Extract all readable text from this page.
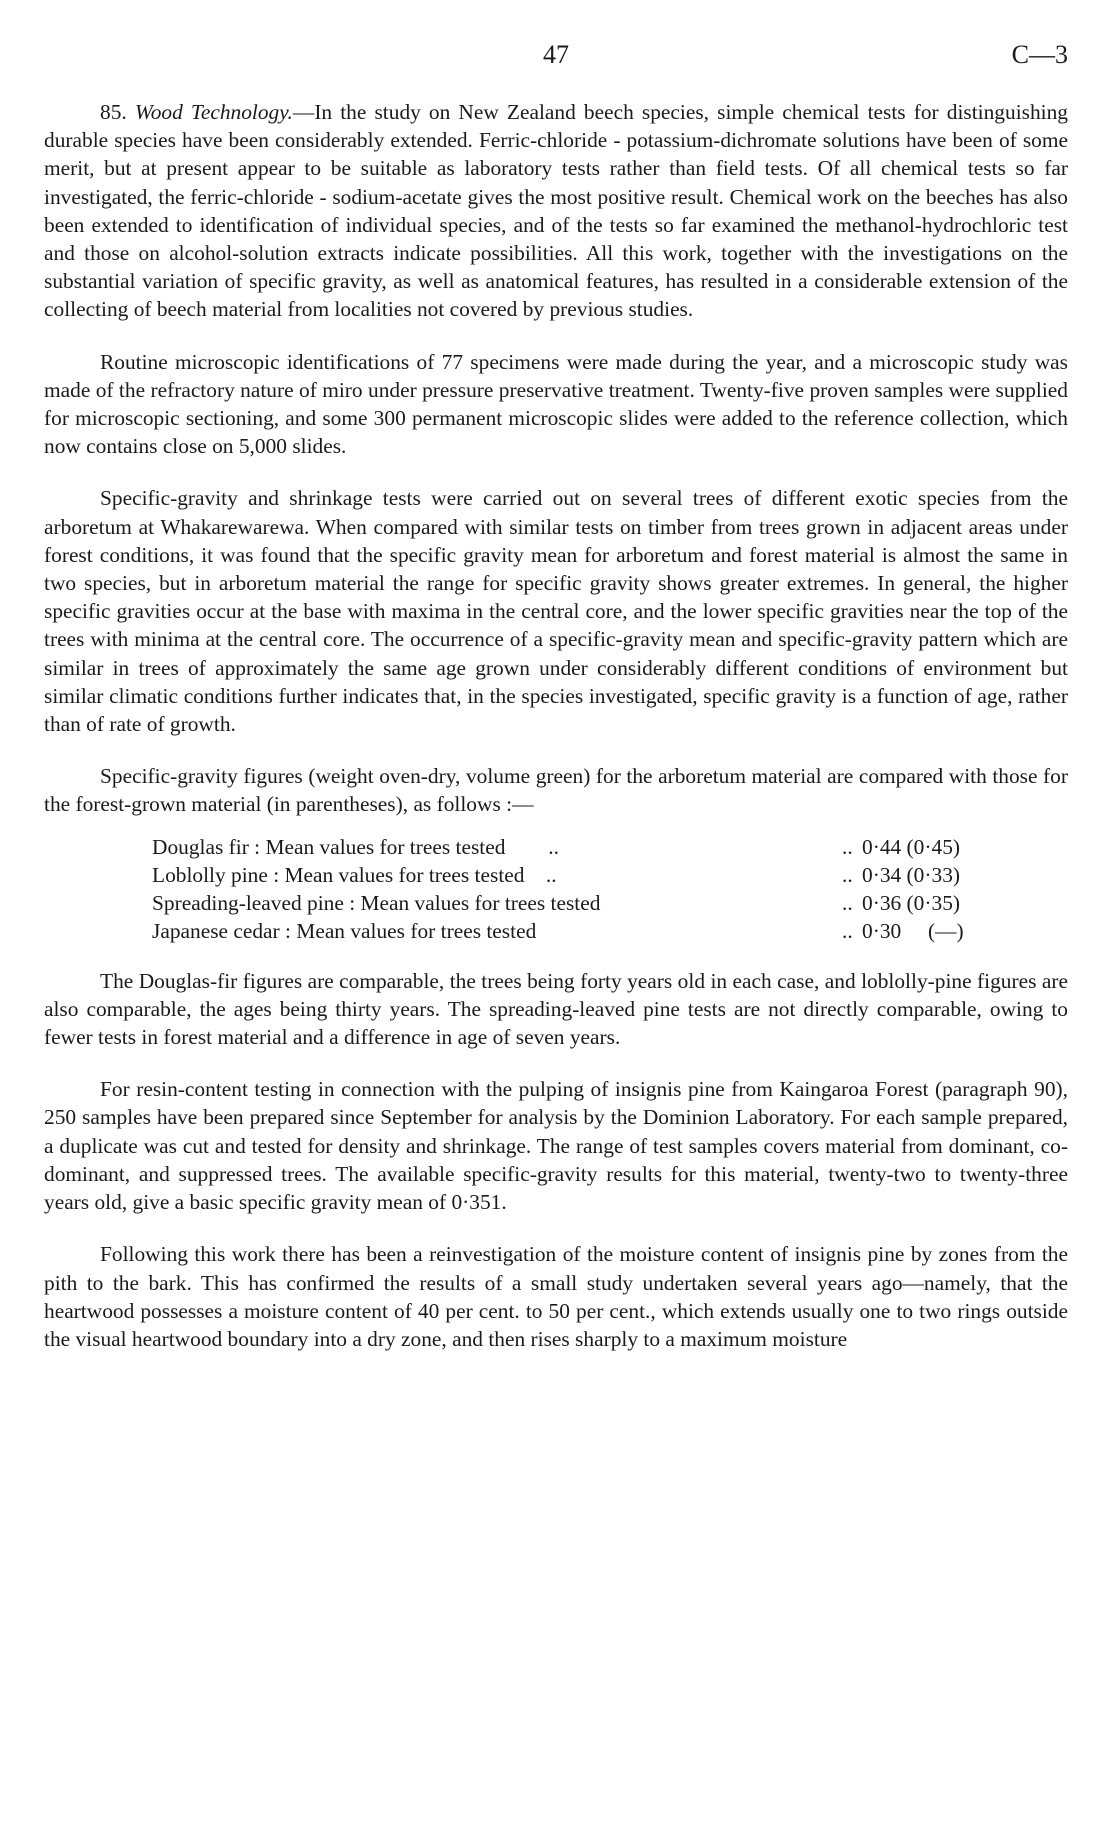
47	C—3

85. Wood Technology.—In the study on New Zealand beech species, simple chemical tests for distinguishing durable species have been considerably extended. Ferric-chloride - potassium-dichromate solutions have been of some merit, but at present appear to be suitable as laboratory tests rather than field tests. Of all chemical tests so far investigated, the ferric-chloride - sodium-acetate gives the most positive result. Chemical work on the beeches has also been extended to identification of individual species, and of the tests so far examined the methanol-hydrochloric test and those on alcohol-solution extracts indicate possibilities. All this work, together with the investigations on the substantial variation of specific gravity, as well as anatomical features, has resulted in a considerable extension of the collecting of beech material from localities not covered by previous studies.

Routine microscopic identifications of 77 specimens were made during the year, and a microscopic study was made of the refractory nature of miro under pressure preservative treatment. Twenty-five proven samples were supplied for microscopic sectioning, and some 300 permanent microscopic slides were added to the reference collection, which now contains close on 5,000 slides.

Specific-gravity and shrinkage tests were carried out on several trees of different exotic species from the arboretum at Whakarewarewa. When compared with similar tests on timber from trees grown in adjacent areas under forest conditions, it was found that the specific gravity mean for arboretum and forest material is almost the same in two species, but in arboretum material the range for specific gravity shows greater extremes. In general, the higher specific gravities occur at the base with maxima in the central core, and the lower specific gravities near the top of the trees with minima at the central core. The occurrence of a specific-gravity mean and specific-gravity pattern which are similar in trees of approximately the same age grown under considerably different conditions of environment but similar climatic conditions further indicates that, in the species investigated, specific gravity is a function of age, rather than of rate of growth.

Specific-gravity figures (weight oven-dry, volume green) for the arboretum material are compared with those for the forest-grown material (in parentheses), as follows :—

Douglas fir : Mean values for trees tested ..	..	0·44 (0·45)
Loblolly pine : Mean values for trees tested ..	..	0·34 (0·33)
Spreading-leaved pine : Mean values for trees tested	..	0·36 (0·35)
Japanese cedar : Mean values for trees tested	..	0·30     (—)

The Douglas-fir figures are comparable, the trees being forty years old in each case, and loblolly-pine figures are also comparable, the ages being thirty years. The spreading-leaved pine tests are not directly comparable, owing to fewer tests in forest material and a difference in age of seven years.

For resin-content testing in connection with the pulping of insignis pine from Kaingaroa Forest (paragraph 90), 250 samples have been prepared since September for analysis by the Dominion Laboratory. For each sample prepared, a duplicate was cut and tested for density and shrinkage. The range of test samples covers material from dominant, co-dominant, and suppressed trees. The available specific-gravity results for this material, twenty-two to twenty-three years old, give a basic specific gravity mean of 0·351.

Following this work there has been a reinvestigation of the moisture content of insignis pine by zones from the pith to the bark. This has confirmed the results of a small study undertaken several years ago—namely, that the heartwood possesses a moisture content of 40 per cent. to 50 per cent., which extends usually one to two rings outside the visual heartwood boundary into a dry zone, and then rises sharply to a maximum moisture
